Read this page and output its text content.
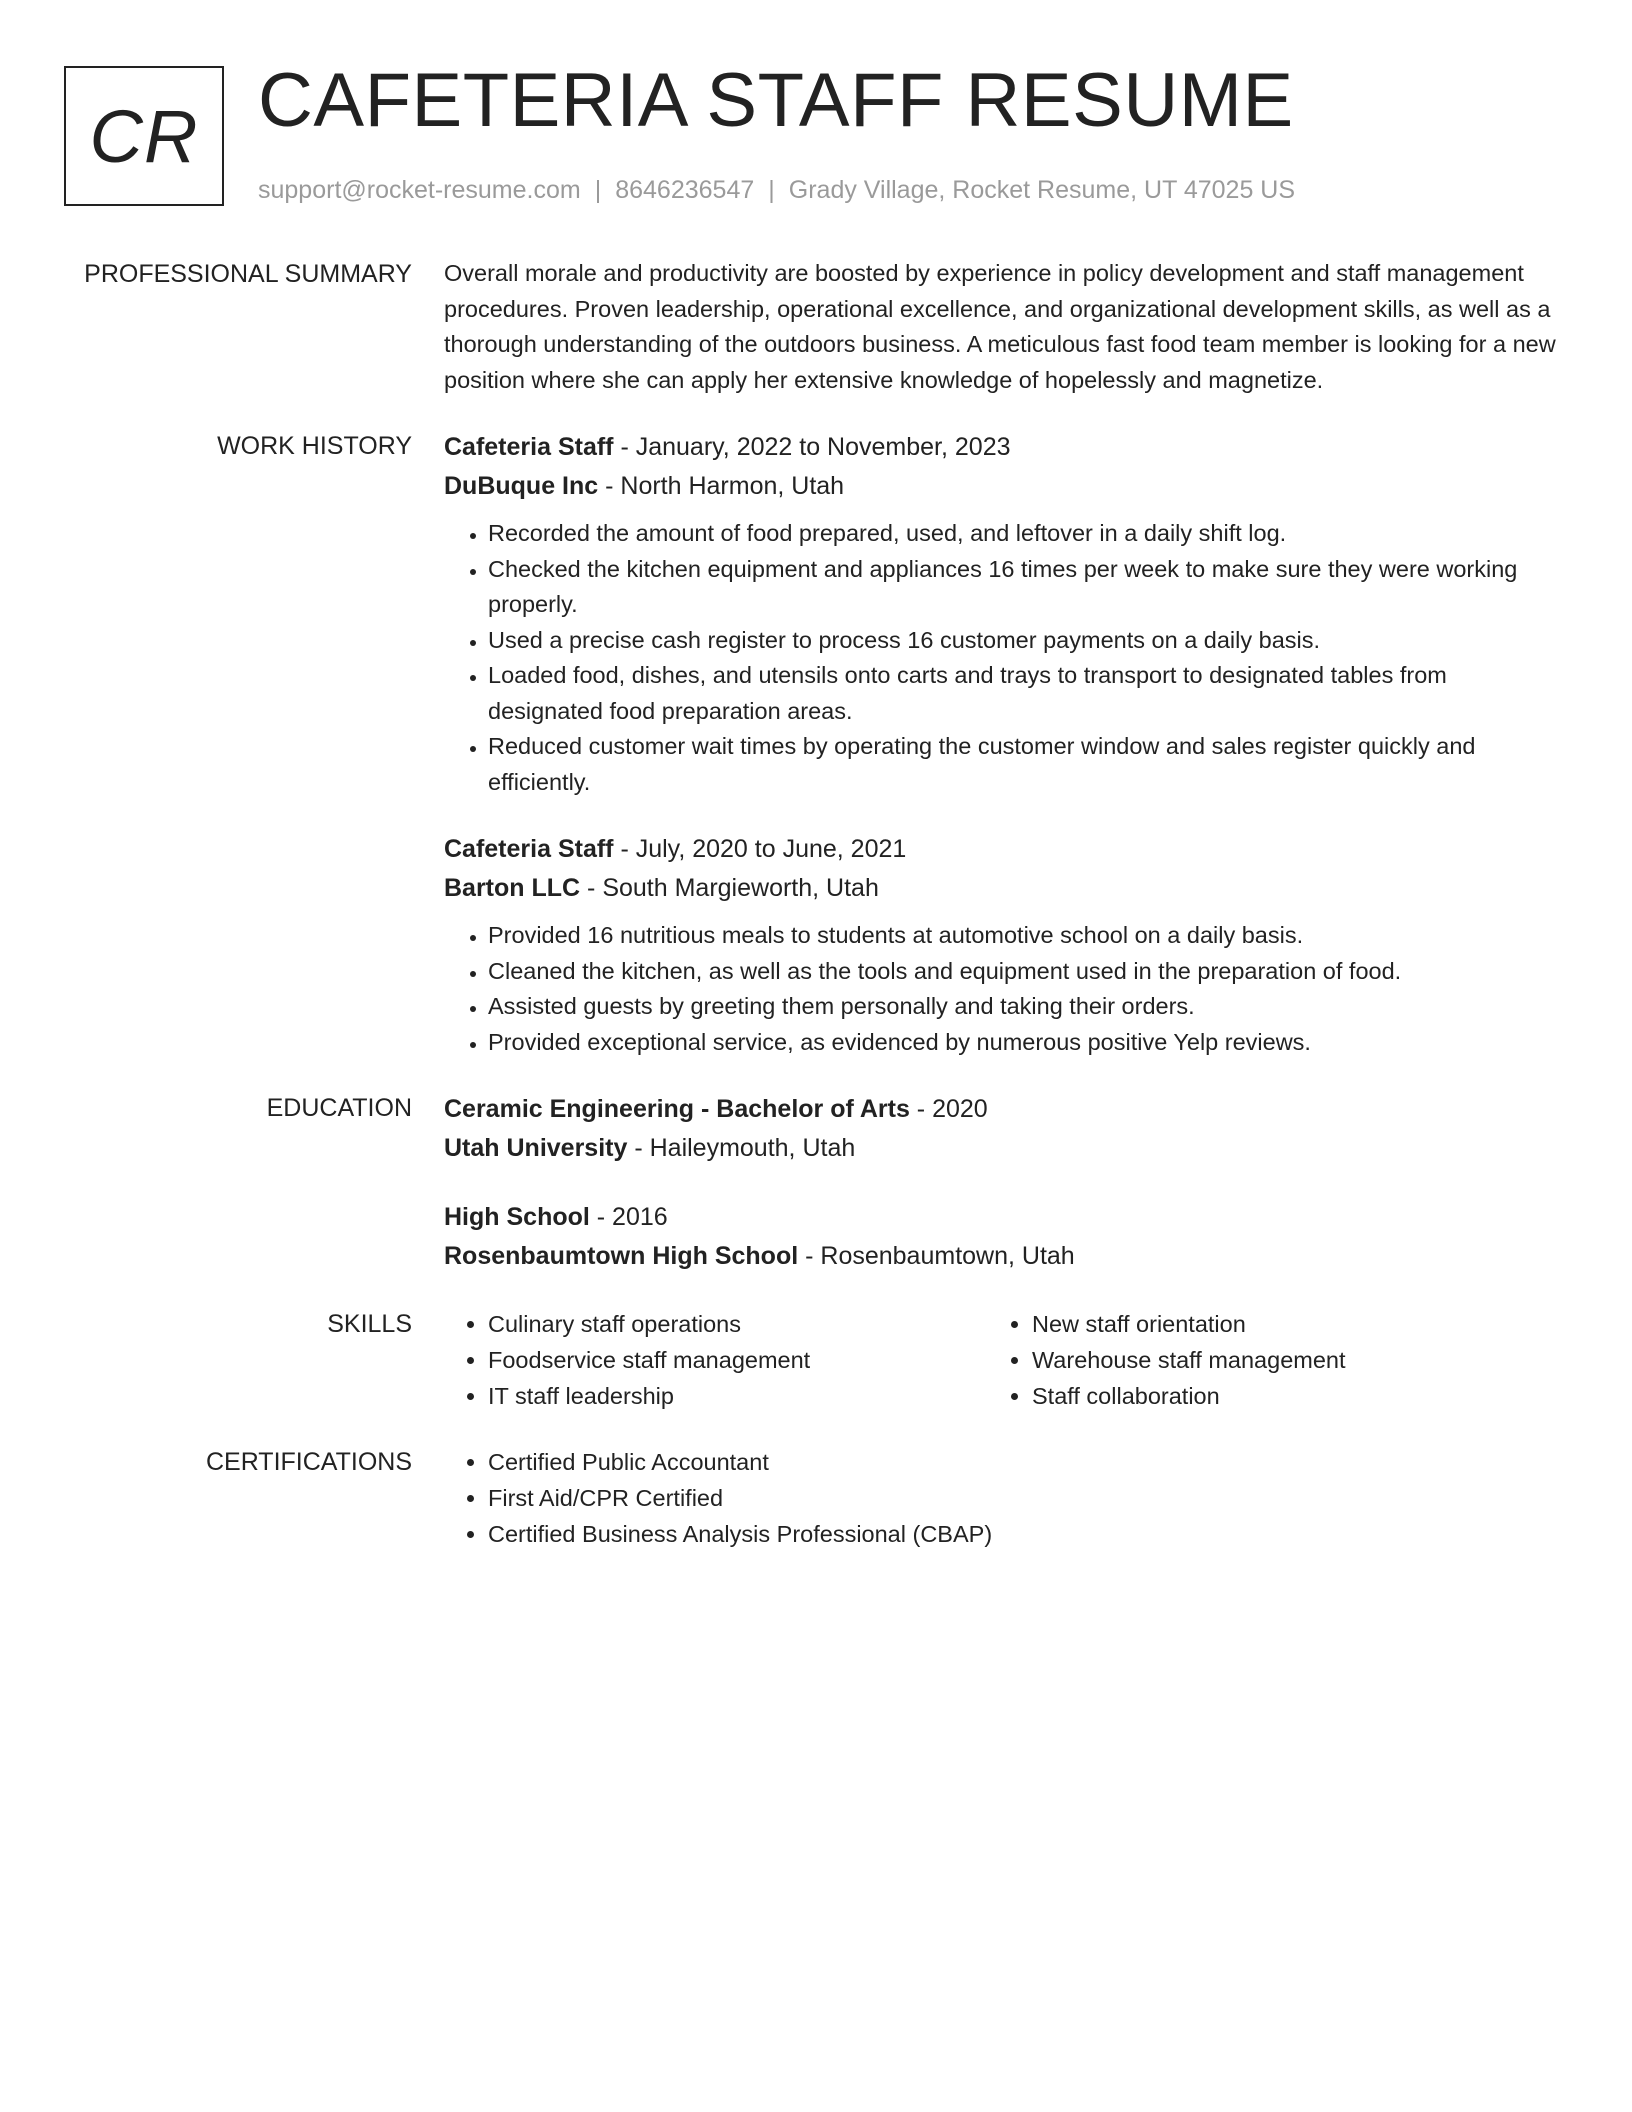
CR CAFETERIA STAFF RESUME
support@rocket-resume.com | 8646236547 | Grady Village, Rocket Resume, UT 47025 US
PROFESSIONAL SUMMARY Overall morale and productivity are boosted by experience in policy development and staff management procedures. Proven leadership, operational excellence, and organizational development skills, as well as a thorough understanding of the outdoors business. A meticulous fast food team member is looking for a new position where she can apply her extensive knowledge of hopelessly and magnetize.

WORK HISTORY Cafeteria Staff - January, 2022 to November, 2023
DuBuque Inc - North Harmon, Utah
• Recorded the amount of food prepared, used, and leftover in a daily shift log.
• Checked the kitchen equipment and appliances 16 times per week to make sure they were working properly.
• Used a precise cash register to process 16 customer payments on a daily basis.
• Loaded food, dishes, and utensils onto carts and trays to transport to designated tables from designated food preparation areas.
• Reduced customer wait times by operating the customer window and sales register quickly and efficiently.
Cafeteria Staff - July, 2020 to June, 2021
Barton LLC - South Margieworth, Utah
• Provided 16 nutritious meals to students at automotive school on a daily basis.
• Cleaned the kitchen, as well as the tools and equipment used in the preparation of food.
• Assisted guests by greeting them personally and taking their orders.
• Provided exceptional service, as evidenced by numerous positive Yelp reviews.
EDUCATION Ceramic Engineering - Bachelor of Arts - 2020
Utah University - Haileymouth, Utah
High School - 2016
Rosenbaumtown High School - Rosenbaumtown, Utah
SKILLS	• Culinary staff operations
• Foodservice staff management
• IT staff leadership
• New staff orientation
• Warehouse staff management
• Staff collaboration
CERTIFICATIONS	• Certified Public Accountant
• First Aid/CPR Certified
• Certified Business Analysis Professional (CBAP)
